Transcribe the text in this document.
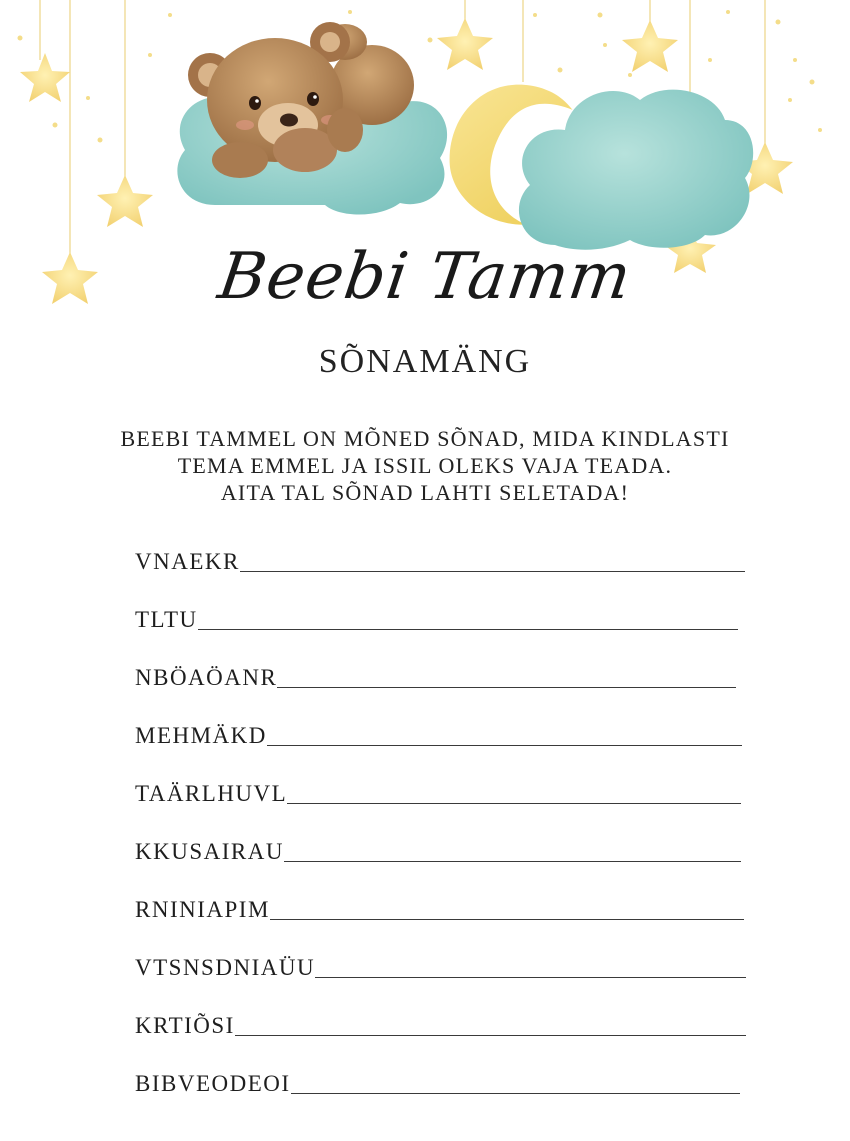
Beebi Tamm
SÕNAMÄNG
BEEBI TAMMEL ON MÕNED SÕNAD, MIDA KINDLASTI
TEMA EMMEL JA ISSIL OLEKS VAJA TEADA.
AITA TAL SÕNAD LAHTI SELETADA!
VNAEKR
TLTU
NBÖAÖANR
MEHMÄKD
TAÄRLHUVL
KKUSAIRAU
RNINIAPIM
VTSNSDNIAÜU
KRTIÕSI
BIBVEODEOI
